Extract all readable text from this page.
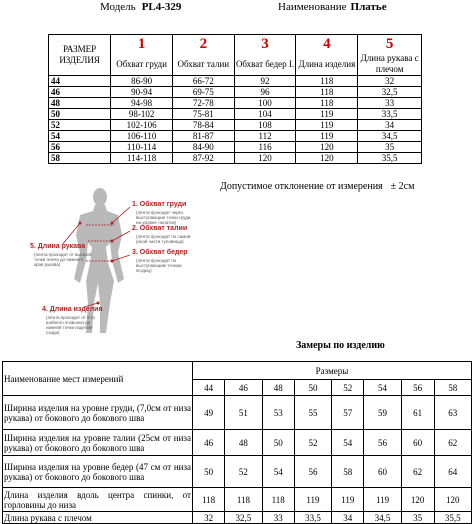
Модель PL4-329	Наименование Платье
РАЗМЕР ИЗДЕЛИЯ	1	2	3	4	5
	Обхват груди	Обхват талии	Обхват бедер I.	Длина изделия	Длина рукава с плечом
44	86-90	66-72	92	118	32
46	90-94	69-75	96	118	32,5
48	94-98	72-78	100	118	33
50	98-102	75-81	104	119	33,5
52	102-106	78-84	108	119	34
54	106-110	81-87	112	119	34,5
56	110-114	84-90	116	120	35
58	114-118	87-92	120	120	35,5
Допустимое отклонение от измерения ± 2см
1. Обхват груди
(лента проходит через выступающие точки груди на уровне лопаток)
2. Обхват талии
(лента проходит по самой узкой части туловища)
3. Обхват бедер
(лента проходит по выступающим точкам ягодиц)
5. Длина рукава
(лента проходит от высшей точки плеча до нижнего края рукава)
4. Длина изделия
(лента проходит от 6-го шейного позвонка до нижней точки изделия сзади)
Замеры по изделию
Наименование мест измерений	Размеры							
	44	46	48	50	52	54	56	58
Ширина изделия на уровне груди, (7,0см от низа рукава) от бокового до бокового шва	49	51	53	55	57	59	61	63
Ширина изделия на уровне талии (25см от низа рукава) от бокового до бокового шва	46	48	50	52	54	56	60	62
Ширина изделия на уровне бедер (47 см от низа рукава) от бокового до бокового шва	50	52	54	56	58	60	62	64
Длина изделия вдоль центра спинки, от горловины до низа	118	118	118	119	119	119	120	120
Длина рукава с плечом	32	32,5	33	33,5	34	34,5	35	35,5
